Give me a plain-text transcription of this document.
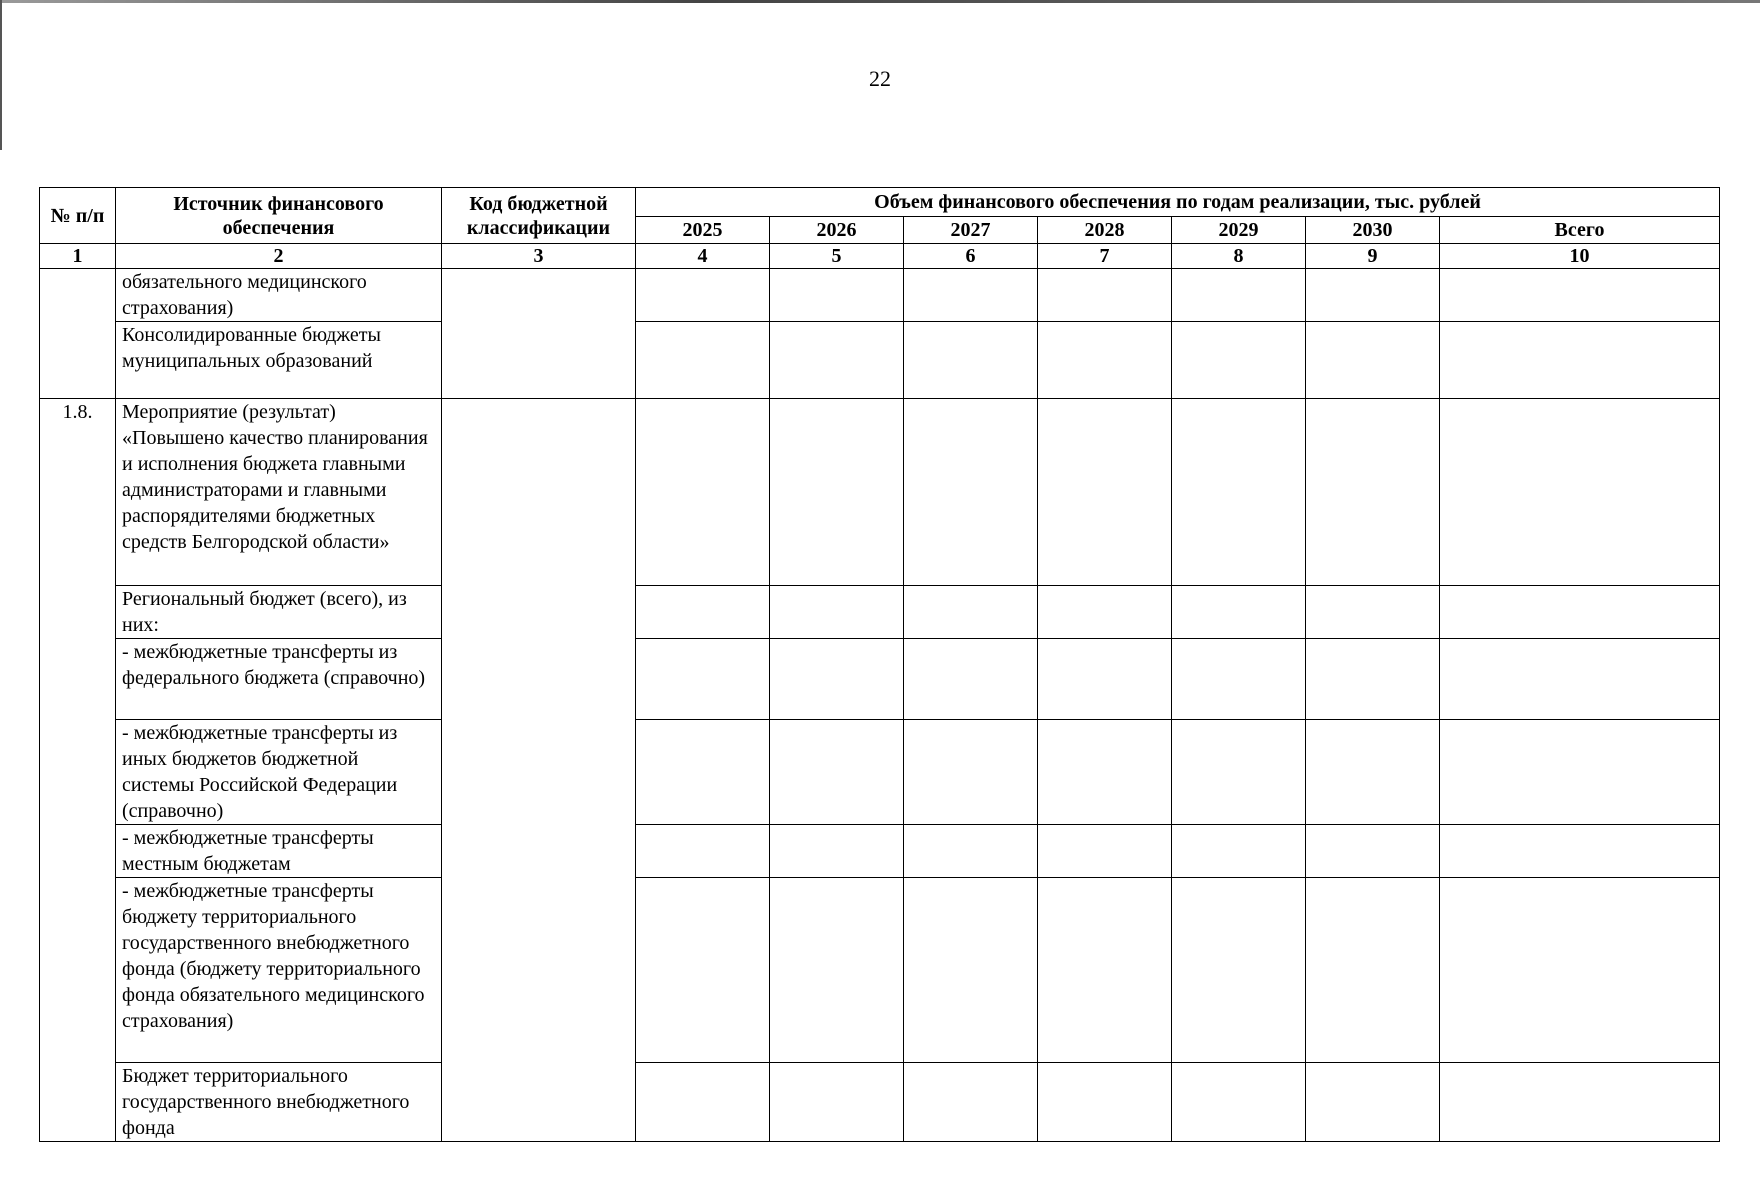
22
№ п/п	Источник финансового обеспечения	Код бюджетной классификации	Объем финансового обеспечения по годам реализации, тыс. рублей						
			2025	2026	2027	2028	2029	2030	Всего
1	2	3	4	5	6	7	8	9	10
	обязательного медицинского страхования)								
	Консолидированные бюджеты муниципальных образований								
1.8.	Мероприятие (результат) «Повышено качество планирования и исполнения бюджета главными администраторами и главными распорядителями бюджетных средств Белгородской области»								
	Региональный бюджет (всего), из них:								
	- межбюджетные трансферты из федерального бюджета (справочно)								
	- межбюджетные трансферты из иных бюджетов бюджетной системы Российской Федерации (справочно)								
	- межбюджетные трансферты местным бюджетам								
	- межбюджетные трансферты бюджету территориального государственного внебюджетного фонда (бюджету территориального фонда обязательного медицинского страхования)								
	Бюджет территориального государственного внебюджетного фонда								
